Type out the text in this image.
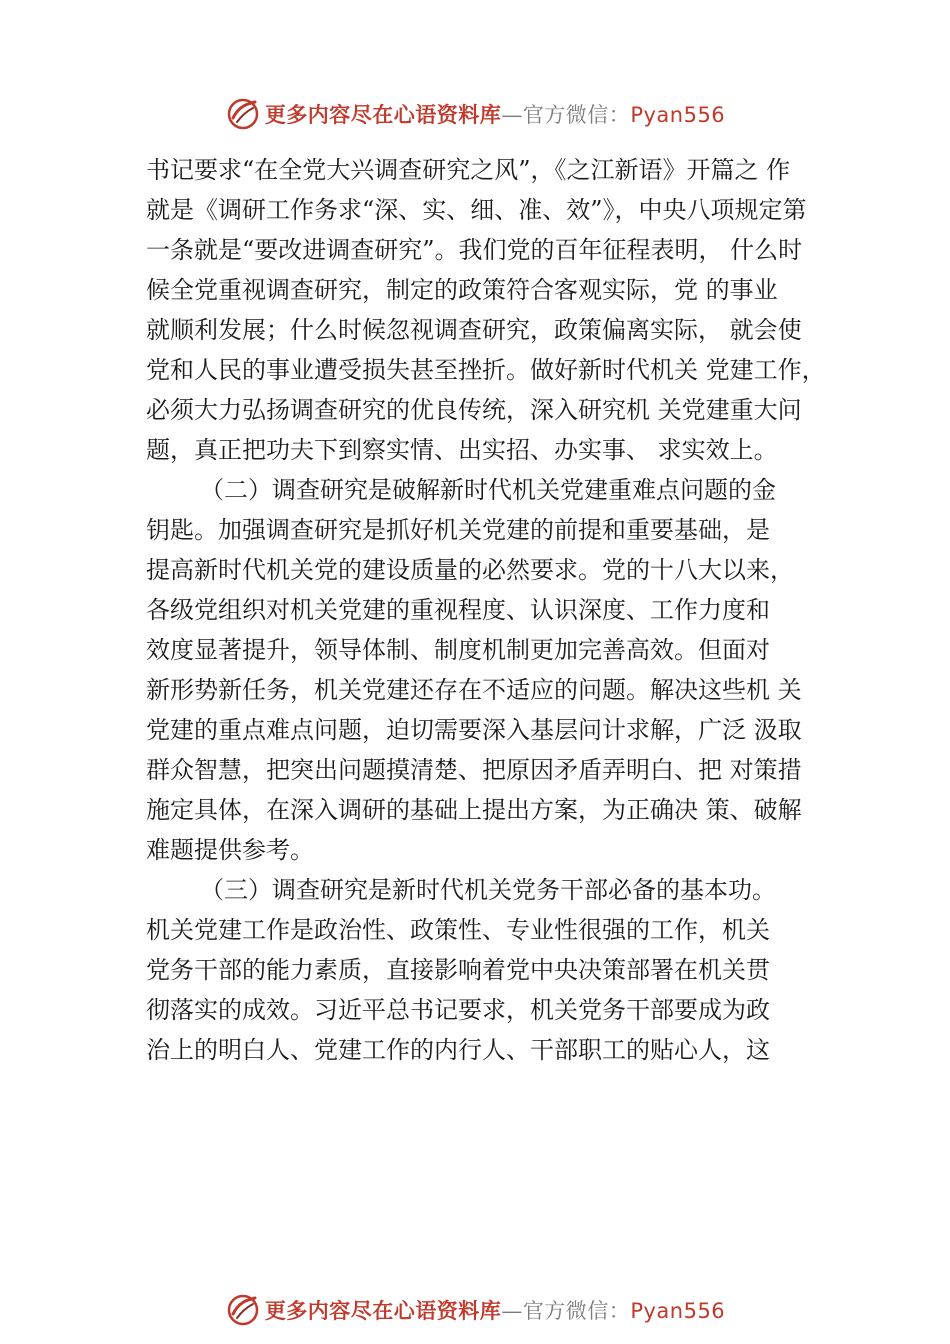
更多内容尽在心语资料库—官方微信：Pyan556
书记要求“在全党大兴调查研究之风”，《之江新语》开篇之 作
就是《调研工作务求“深、实、细、准、效”》，中央八项规定第
一条就是“要改进调查研究”。我们党的百年征程表明， 什么时
候全党重视调查研究，制定的政策符合客观实际，党 的事业
就顺利发展；什么时候忽视调查研究，政策偏离实际， 就会使
党和人民的事业遭受损失甚至挫折。做好新时代机关 党建工作，
必须大力弘扬调查研究的优良传统，深入研究机 关党建重大问
题，真正把功夫下到察实情、出实招、办实事、 求实效上。
（二）调查研究是破解新时代机关党建重难点问题的金
钥匙。加强调查研究是抓好机关党建的前提和重要基础，是
提高新时代机关党的建设质量的必然要求。党的十八大以来，
各级党组织对机关党建的重视程度、认识深度、工作力度和
效度显著提升，领导体制、制度机制更加完善高效。但面对
新形势新任务，机关党建还存在不适应的问题。解决这些机 关
党建的重点难点问题，迫切需要深入基层问计求解，广泛 汲取
群众智慧，把突出问题摸清楚、把原因矛盾弄明白、把 对策措
施定具体，在深入调研的基础上提出方案，为正确决 策、破解
难题提供参考。
（三）调查研究是新时代机关党务干部必备的基本功。
机关党建工作是政治性、政策性、专业性很强的工作，机关
党务干部的能力素质，直接影响着党中央决策部署在机关贯
彻落实的成效。习近平总书记要求，机关党务干部要成为政
治上的明白人、党建工作的内行人、干部职工的贴心人，这
更多内容尽在心语资料库—官方微信：Pyan556
